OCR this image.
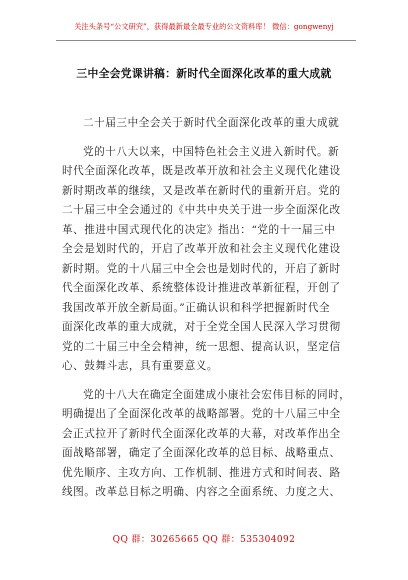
关注头条号“公文研究”，获得最新最全最专业的公文资料库！ 微信：gongwenyj
三中全会党课讲稿：新时代全面深化改革的重大成就
二十届三中全会关于新时代全面深化改革的重大成就
党的十八大以来，中国特色社会主义进入新时代。新
时代全面深化改革，既是改革开放和社会主义现代化建设
新时期改革的继续，又是改革在新时代的重新开启。党的
二十届三中全会通过的《中共中央关于进一步全面深化改
革、推进中国式现代化的决定》指出：“党的十一届三中
全会是划时代的，开启了改革开放和社会主义现代化建设
新时期。党的十八届三中全会也是划时代的，开启了新时
代全面深化改革、系统整体设计推进改革新征程，开创了
我国改革开放全新局面。”正确认识和科学把握新时代全
面深化改革的重大成就，对于全党全国人民深入学习贯彻
党的二十届三中全会精神，统一思想、提高认识，坚定信
心、鼓舞斗志，具有重要意义。
党的十八大在确定全面建成小康社会宏伟目标的同时，
明确提出了全面深化改革的战略部署。党的十八届三中全
会正式拉开了新时代全面深化改革的大幕，对改革作出全
面战略部署，确定了全面深化改革的总目标、战略重点、
优先顺序、主攻方向、工作机制、推进方式和时间表、路
线图。改革总目标之明确、内容之全面系统、力度之大、
QQ 群：30265665 QQ 群：535304092
